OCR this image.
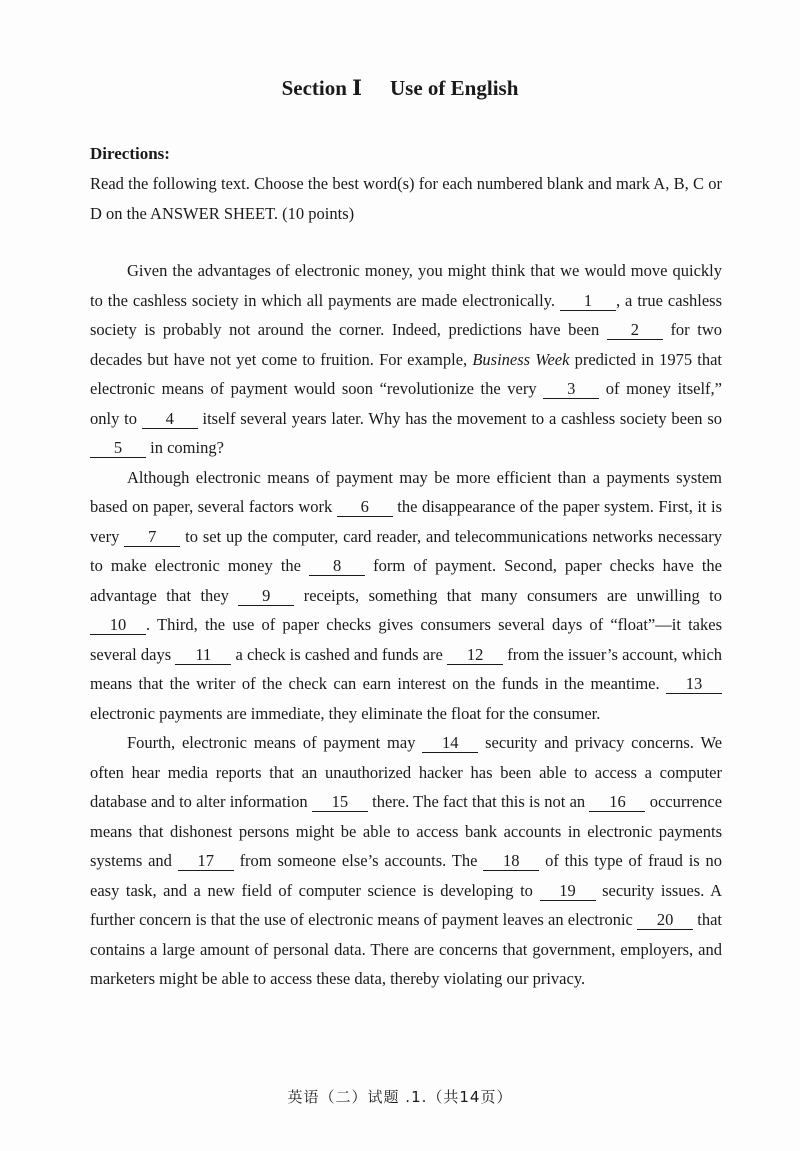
Section Ⅰ Use of English
Directions:
Read the following text. Choose the best word(s) for each numbered blank and mark A, B, C or D on the ANSWER SHEET. (10 points)

Given the advantages of electronic money, you might think that we would move quickly to the cashless society in which all payments are made electronically. 1 , a true cashless society is probably not around the corner. Indeed, predictions have been 2 for two decades but have not yet come to fruition. For example, Business Week predicted in 1975 that electronic means of payment would soon “revolutionize the very 3 of money itself,” only to 4 itself several years later. Why has the movement to a cashless society been so 5 in coming?

Although electronic means of payment may be more efficient than a payments system based on paper, several factors work 6 the disappearance of the paper system. First, it is very 7 to set up the computer, card reader, and telecommunications networks necessary to make electronic money the 8 form of payment. Second, paper checks have the advantage that they 9 receipts, something that many consumers are unwilling to 10 . Third, the use of paper checks gives consumers several days of “float”—it takes several days 11 a check is cashed and funds are 12 from the issuer’s account, which means that the writer of the check can earn interest on the funds in the meantime. 13 electronic payments are immediate, they eliminate the float for the consumer.

Fourth, electronic means of payment may 14 security and privacy concerns. We often hear media reports that an unauthorized hacker has been able to access a computer database and to alter information 15 there. The fact that this is not an 16 occurrence means that dishonest persons might be able to access bank accounts in electronic payments systems and 17 from someone else’s accounts. The 18 of this type of fraud is no easy task, and a new field of computer science is developing to 19 security issues. A further concern is that the use of electronic means of payment leaves an electronic 20 that contains a large amount of personal data. There are concerns that government, employers, and marketers might be able to access these data, thereby violating our privacy.

英语（二）试题 .1.（共14页）
